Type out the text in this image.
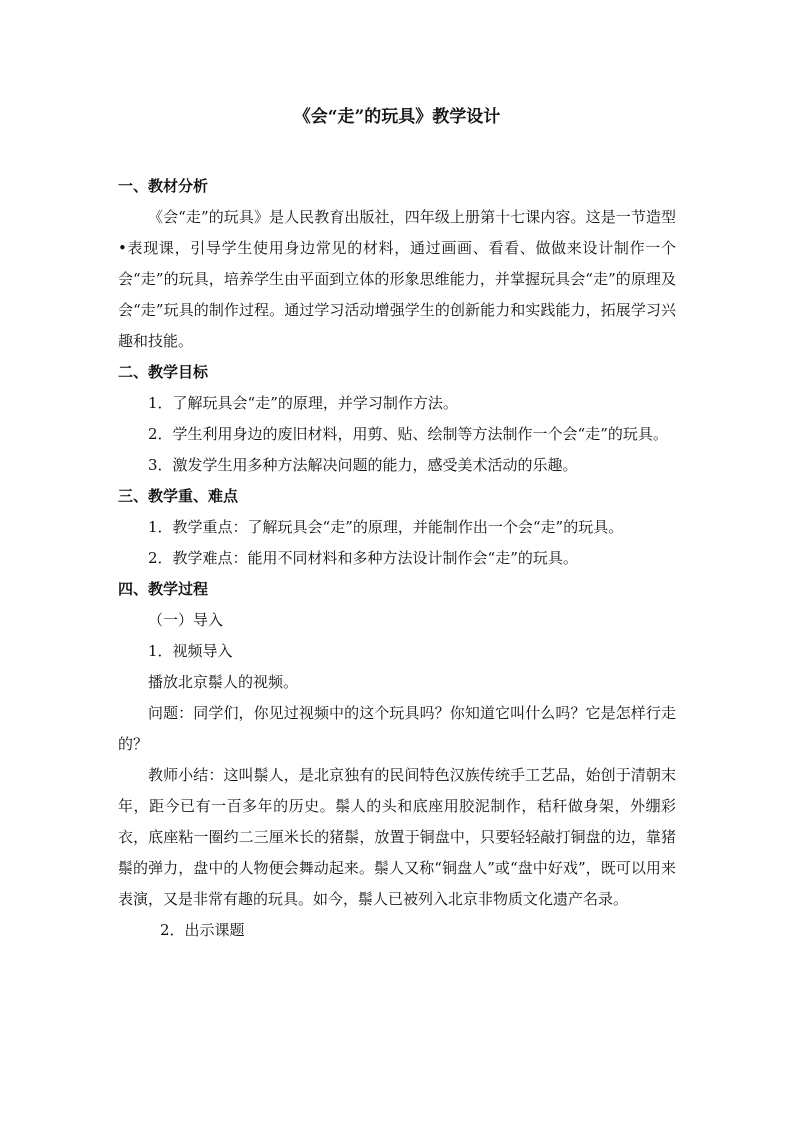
《会“走”的玩具》教学设计

一、教材分析

《会“走”的玩具》是人民教育出版社，四年级上册第十七课内容。这是一节造型•表现课，引导学生使用身边常见的材料，通过画画、看看、做做来设计制作一个会“走”的玩具，培养学生由平面到立体的形象思维能力，并掌握玩具会“走”的原理及会“走”玩具的制作过程。通过学习活动增强学生的创新能力和实践能力，拓展学习兴趣和技能。

二、教学目标

1．了解玩具会“走”的原理，并学习制作方法。

2．学生利用身边的废旧材料，用剪、贴、绘制等方法制作一个会“走”的玩具。

3．激发学生用多种方法解决问题的能力，感受美术活动的乐趣。

三、教学重、难点

1．教学重点：了解玩具会“走”的原理，并能制作出一个会“走”的玩具。

2．教学难点：能用不同材料和多种方法设计制作会“走”的玩具。

四、教学过程

（一）导入

1．视频导入

播放北京鬃人的视频。

问题：同学们，你见过视频中的这个玩具吗？你知道它叫什么吗？它是怎样行走的？

教师小结：这叫鬃人，是北京独有的民间特色汉族传统手工艺品，始创于清朝末年，距今已有一百多年的历史。鬃人的头和底座用胶泥制作，秸秆做身架，外绷彩衣，底座粘一圈约二三厘米长的猪鬃，放置于铜盘中，只要轻轻敲打铜盘的边，靠猪鬃的弹力，盘中的人物便会舞动起来。鬃人又称“铜盘人”或“盘中好戏”，既可以用来表演，又是非常有趣的玩具。如今，鬃人已被列入北京非物质文化遗产名录。

2．出示课题
